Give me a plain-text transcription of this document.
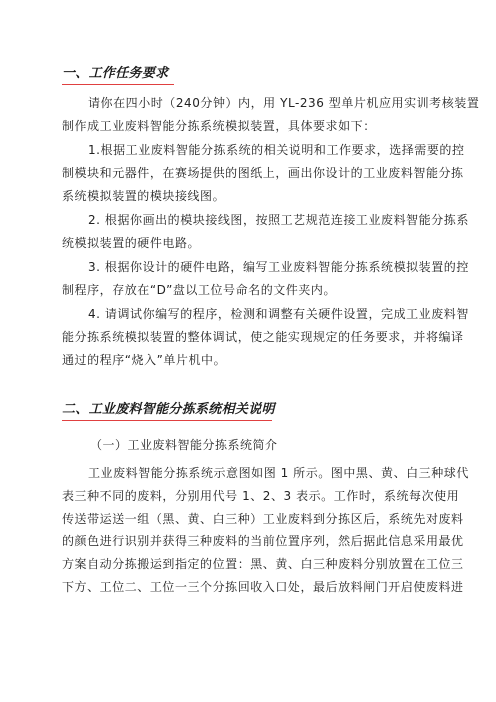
一、工作任务要求
请你在四小时（240分钟）内，用 YL-236 型单片机应用实训考核装置
制作成工业废料智能分拣系统模拟装置，具体要求如下：
1.根据工业废料智能分拣系统的相关说明和工作要求，选择需要的控
制模块和元器件，在赛场提供的图纸上，画出你设计的工业废料智能分拣
系统模拟装置的模块接线图。
2. 根据你画出的模块接线图，按照工艺规范连接工业废料智能分拣系
统模拟装置的硬件电路。
3. 根据你设计的硬件电路，编写工业废料智能分拣系统模拟装置的控
制程序，存放在“D”盘以工位号命名的文件夹内。
4. 请调试你编写的程序，检测和调整有关硬件设置，完成工业废料智
能分拣系统模拟装置的整体调试，使之能实现规定的任务要求，并将编译
通过的程序“烧入”单片机中。
二、工业废料智能分拣系统相关说明
（一）工业废料智能分拣系统简介
工业废料智能分拣系统示意图如图 1 所示。图中黑、黄、白三种球代
表三种不同的废料，分别用代号 1、2、3 表示。工作时，系统每次使用
传送带运送一组（黑、黄、白三种）工业废料到分拣区后，系统先对废料
的颜色进行识别并获得三种废料的当前位置序列，然后据此信息采用最优
方案自动分拣搬运到指定的位置：黑、黄、白三种废料分别放置在工位三
下方、工位二、工位一三个分拣回收入口处，最后放料闸门开启使废料进
